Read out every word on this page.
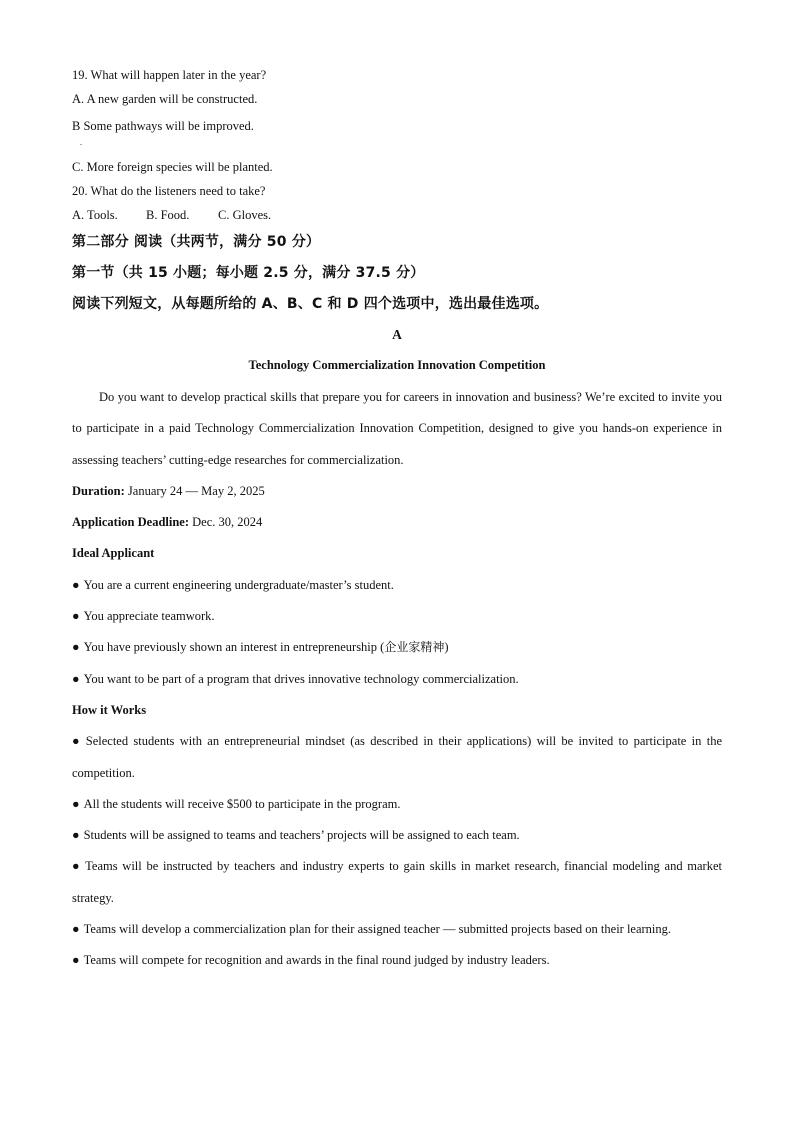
19. What will happen later in the year?
A. A new garden will be constructed.
B Some pathways will be improved.
.
C. More foreign species will be planted.
20. What do the listeners need to take?
A. Tools. B. Food. C. Gloves.
第二部分 阅读（共两节，满分 50 分）
第一节（共 15 小题；每小题 2.5 分，满分 37.5 分）
阅读下列短文，从每题所给的 A、B、C 和 D 四个选项中，选出最佳选项。
A
Technology Commercialization Innovation Competition
Do you want to develop practical skills that prepare you for careers in innovation and business? We’re excited to invite you to participate in a paid Technology Commercialization Innovation Competition, designed to give you hands-on experience in assessing teachers’ cutting-edge researches for commercialization.
Duration: January 24 — May 2, 2025
Application Deadline: Dec. 30, 2024
Ideal Applicant
● You are a current engineering undergraduate/master’s student.
● You appreciate teamwork.
● You have previously shown an interest in entrepreneurship (企业家精神)
● You want to be part of a program that drives innovative technology commercialization.
How it Works
● Selected students with an entrepreneurial mindset (as described in their applications) will be invited to participate in the competition.
● All the students will receive $500 to participate in the program.
● Students will be assigned to teams and teachers’ projects will be assigned to each team.
● Teams will be instructed by teachers and industry experts to gain skills in market research, financial modeling and market strategy.
● Teams will develop a commercialization plan for their assigned teacher — submitted projects based on their learning.
● Teams will compete for recognition and awards in the final round judged by industry leaders.
